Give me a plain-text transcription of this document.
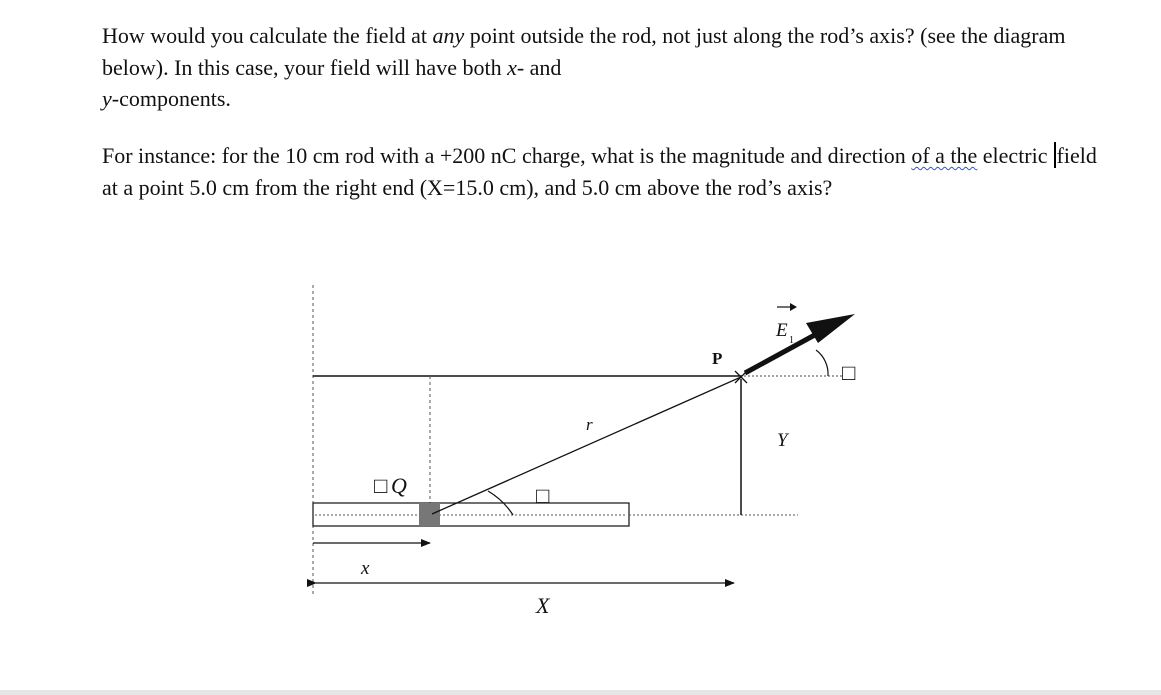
How would you calculate the field at any point outside the rod, not just along the rod’s axis? (see the diagram below). In this case, your field will have both x- and
y-components.

For instance: for the 10 cm rod with a +200 nC charge, what is the magnitude and direction of a the electric field at a point 5.0 cm from the right end (X=15.0 cm), and 5.0 cm above the rod’s axis?

P
E 1
r
Y
□ Q	□
□
x
X
